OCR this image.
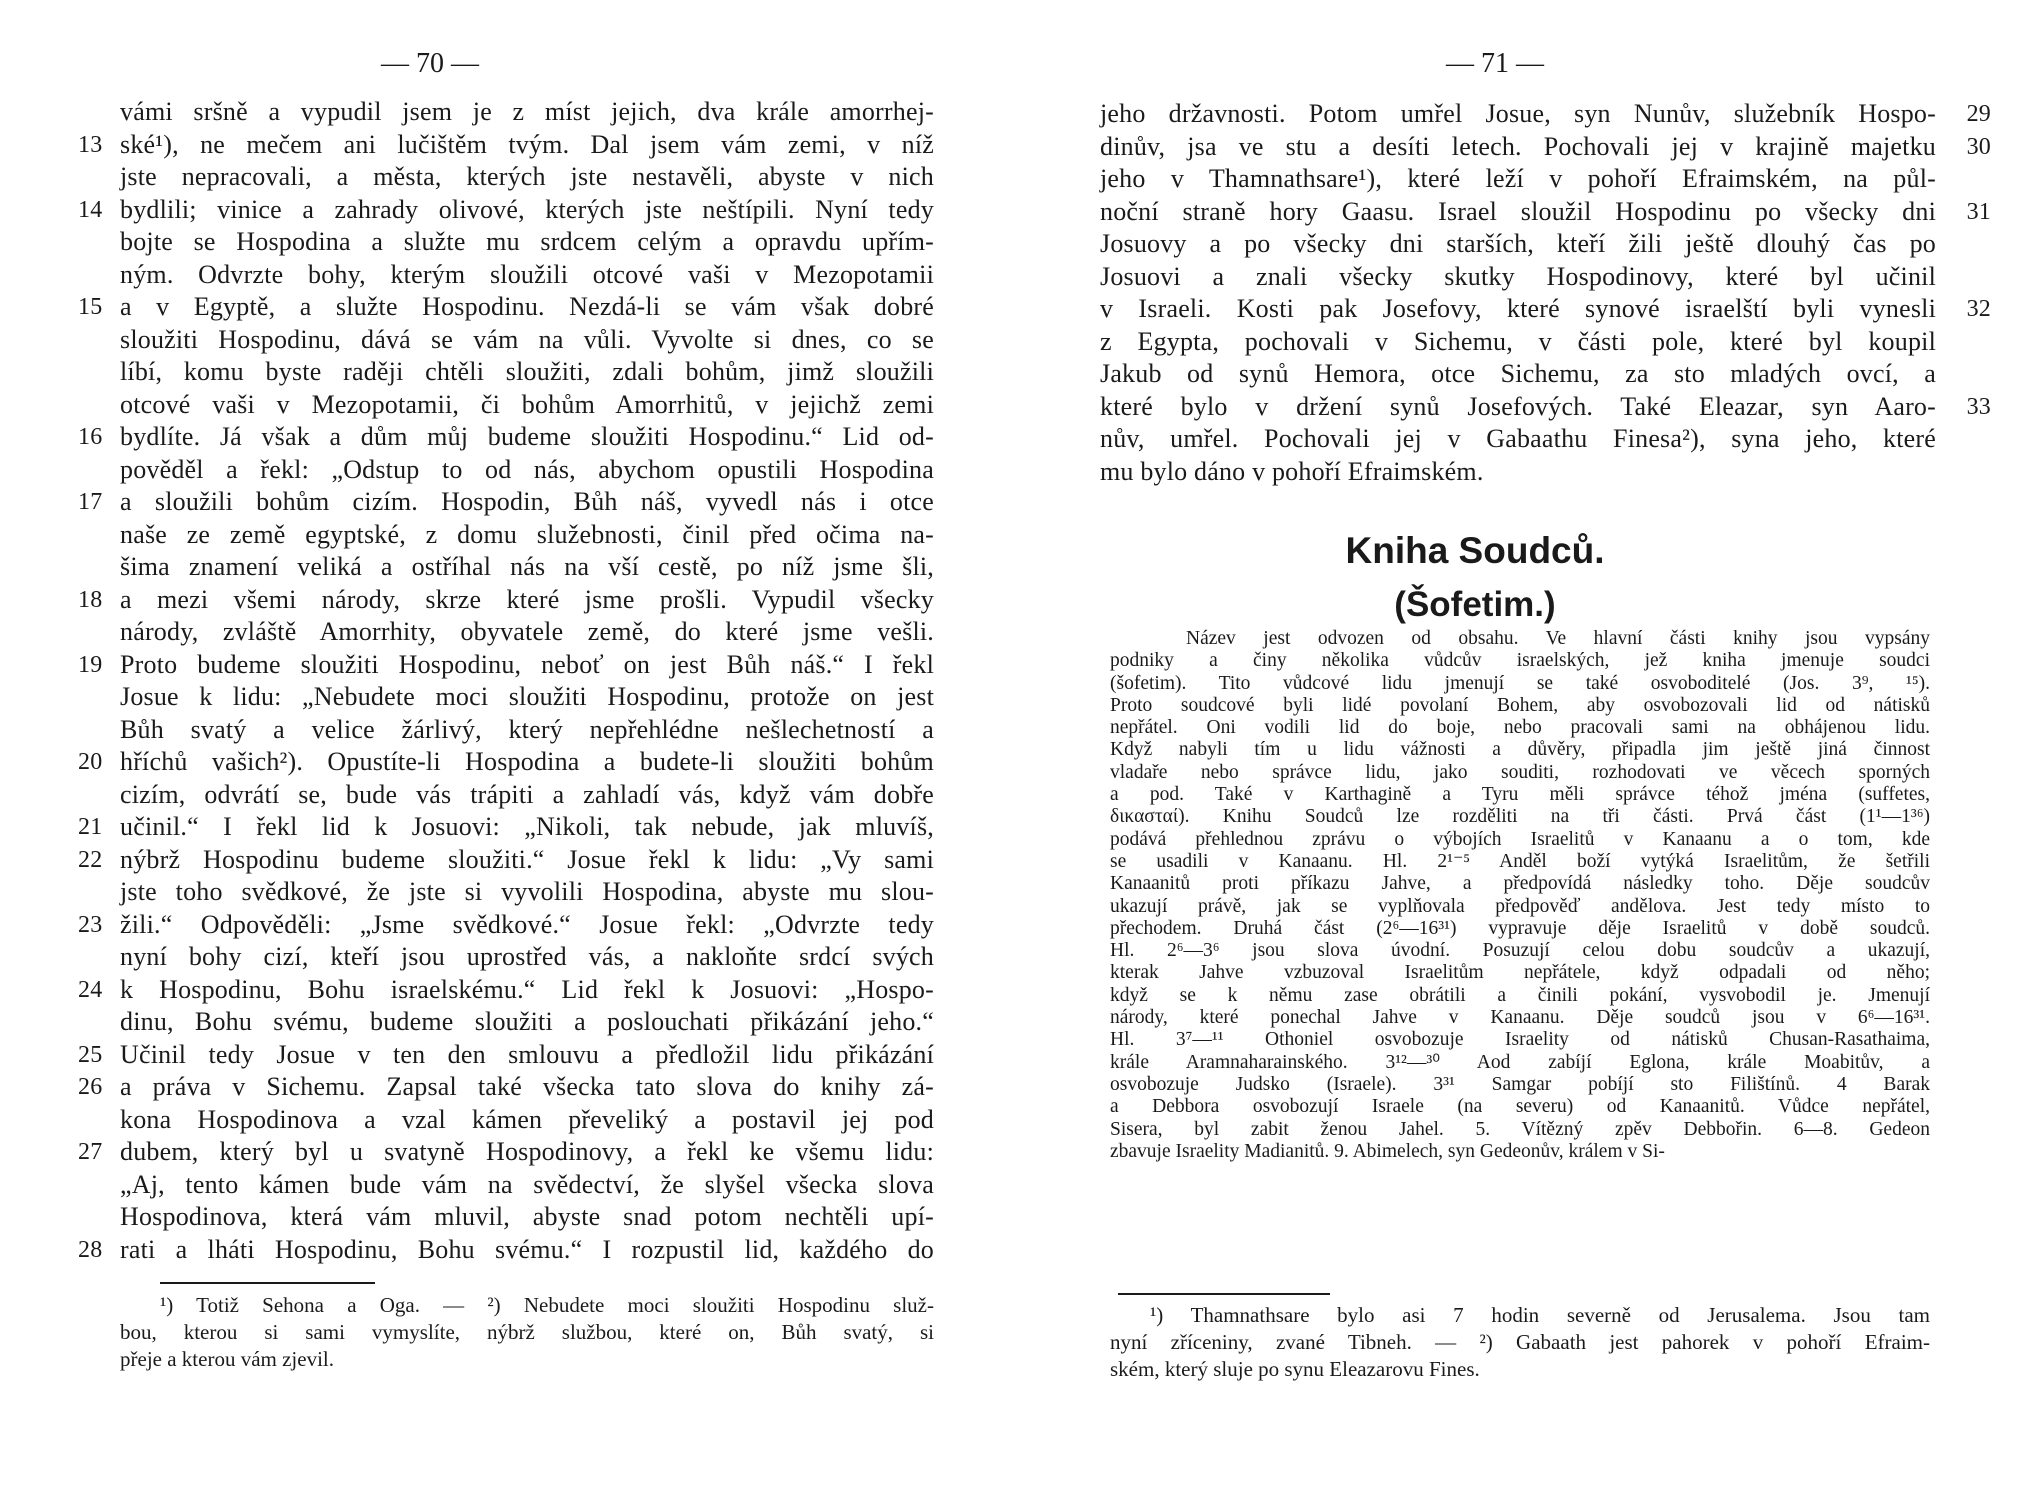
— 70 —
vámi sršně a vypudil jsem je z míst jejich, dva krále amorrhej-
ské¹), ne mečem ani lučištěm tvým. Dal jsem vám zemi, v níž
13
jste nepracovali, a města, kterých jste nestavěli, abyste v nich
bydlili; vinice a zahrady olivové, kterých jste neštípili. Nyní tedy
14
bojte se Hospodina a služte mu srdcem celým a opravdu upřím-
ným. Odvrzte bohy, kterým sloužili otcové vaši v Mezopotamii
a v Egyptě, a služte Hospodinu. Nezdá-li se vám však dobré
15
sloužiti Hospodinu, dává se vám na vůli. Vyvolte si dnes, co se
líbí, komu byste raději chtěli sloužiti, zdali bohům, jimž sloužili
otcové vaši v Mezopotamii, či bohům Amorrhitů, v jejichž zemi
bydlíte. Já však a dům můj budeme sloužiti Hospodinu.“ Lid od-
16
pověděl a řekl: „Odstup to od nás, abychom opustili Hospodina
a sloužili bohům cizím. Hospodin, Bůh náš, vyvedl nás i otce
17
naše ze země egyptské, z domu služebnosti, činil před očima na-
šima znamení veliká a ostříhal nás na vší cestě, po níž jsme šli,
a mezi všemi národy, skrze které jsme prošli. Vypudil všecky
18
národy, zvláště Amorrhity, obyvatele země, do které jsme vešli.
Proto budeme sloužiti Hospodinu, neboť on jest Bůh náš.“ I řekl
19
Josue k lidu: „Nebudete moci sloužiti Hospodinu, protože on jest
Bůh svatý a velice žárlivý, který nepřehlédne nešlechetností a
hříchů vašich²). Opustíte-li Hospodina a budete-li sloužiti bohům
20
cizím, odvrátí se, bude vás trápiti a zahladí vás, když vám dobře
učinil.“ I řekl lid k Josuovi: „Nikoli, tak nebude, jak mluvíš,
21
nýbrž Hospodinu budeme sloužiti.“ Josue řekl k lidu: „Vy sami
22
jste toho svědkové, že jste si vyvolili Hospodina, abyste mu slou-
žili.“ Odpověděli: „Jsme svědkové.“ Josue řekl: „Odvrzte tedy
23
nyní bohy cizí, kteří jsou uprostřed vás, a nakloňte srdcí svých
k Hospodinu, Bohu israelskému.“ Lid řekl k Josuovi: „Hospo-
24
dinu, Bohu svému, budeme sloužiti a poslouchati přikázání jeho.“
Učinil tedy Josue v ten den smlouvu a předložil lidu přikázání
25
a práva v Sichemu. Zapsal také všecka tato slova do knihy zá-
26
kona Hospodinova a vzal kámen převeliký a postavil jej pod
dubem, který byl u svatyně Hospodinovy, a řekl ke všemu lidu:
27
„Aj, tento kámen bude vám na svědectví, že slyšel všecka slova
Hospodinova, která vám mluvil, abyste snad potom nechtěli upí-
rati a lháti Hospodinu, Bohu svému.“ I rozpustil lid, každého do
28
¹) Totiž Sehona a Oga. — ²) Nebudete moci sloužiti Hospodinu služ-
bou, kterou si sami vymyslíte, nýbrž službou, které on, Bůh svatý, si
přeje a kterou vám zjevil.
— 71 —
jeho državnosti. Potom umřel Josue, syn Nunův, služebník Hospo- 29
dinův, jsa ve stu a desíti letech. Pochovali jej v krajině majetku 30
jeho v Thamnathsare¹), které leží v pohoří Efraimském, na půl-
noční straně hory Gaasu. Israel sloužil Hospodinu po všecky dni 31
Josuovy a po všecky dni starších, kteří žili ještě dlouhý čas po
Josuovi a znali všecky skutky Hospodinovy, které byl učinil
v Israeli. Kosti pak Josefovy, které synové israelští byli vynesli 32
z Egypta, pochovali v Sichemu, v části pole, které byl koupil
Jakub od synů Hemora, otce Sichemu, za sto mladých ovcí, a
které bylo v držení synů Josefových. Také Eleazar, syn Aaro- 33
nův, umřel. Pochovali jej v Gabaathu Finesa²), syna jeho, které
mu bylo dáno v pohoří Efraimském.
Kniha Soudců.
(Šofetim.)
Název jest odvozen od obsahu. Ve hlavní části knihy jsou vypsány
podniky a činy několika vůdcův israelských, jež kniha jmenuje soudci
(šofetim). Tito vůdcové lidu jmenují se také osvoboditelé (Jos. 3⁹, ¹⁵).
Proto soudcové byli lidé povolaní Bohem, aby osvobozovali lid od nátisků
nepřátel. Oni vodili lid do boje, nebo pracovali sami na obhájenou lidu.
Když nabyli tím u lidu vážnosti a důvěry, připadla jim ještě jiná činnost
vladaře nebo správce lidu, jako souditi, rozhodovati ve věcech sporných
a pod. Také v Karthagině a Tyru měli správce téhož jména (suffetes,
δικασταί). Knihu Soudců lze rozděliti na tři části. Prvá část (1¹—1³⁶)
podává přehlednou zprávu o výbojích Israelitů v Kanaanu a o tom, kde
se usadili v Kanaanu. Hl. 2¹⁻⁵ Anděl boží vytýká Israelitům, že šetřili
Kanaanitů proti příkazu Jahve, a předpovídá následky toho. Děje soudcův
ukazují právě, jak se vyplňovala předpověď andělova. Jest tedy místo to
přechodem. Druhá část (2⁶—16³¹) vypravuje děje Israelitů v době soudců.
Hl. 2⁶—3⁶ jsou slova úvodní. Posuzují celou dobu soudcův a ukazují,
kterak Jahve vzbuzoval Israelitům nepřátele, když odpadali od něho;
když se k němu zase obrátili a činili pokání, vysvobodil je. Jmenují
národy, které ponechal Jahve v Kanaanu. Děje soudců jsou v 6⁶—16³¹.
Hl. 3⁷—¹¹ Othoniel osvobozuje Israelity od nátisků Chusan-Rasathaima,
krále Aramnaharainského. 3¹²—³⁰ Aod zabíjí Eglona, krále Moabitův, a
osvobozuje Judsko (Israele). 3³¹ Samgar pobíjí sto Filištínů. 4 Barak
a Debbora osvobozují Israele (na severu) od Kanaanitů. Vůdce nepřátel,
Sisera, byl zabit ženou Jahel. 5. Vítězný zpěv Debbořin. 6—8. Gedeon
zbavuje Israelity Madianitů. 9. Abimelech, syn Gedeonův, králem v Si-
¹) Thamnathsare bylo asi 7 hodin severně od Jerusalema. Jsou tam
nyní zříceniny, zvané Tibneh. — ²) Gabaath jest pahorek v pohoří Efraim-
ském, který sluje po synu Eleazarovu Fines.
